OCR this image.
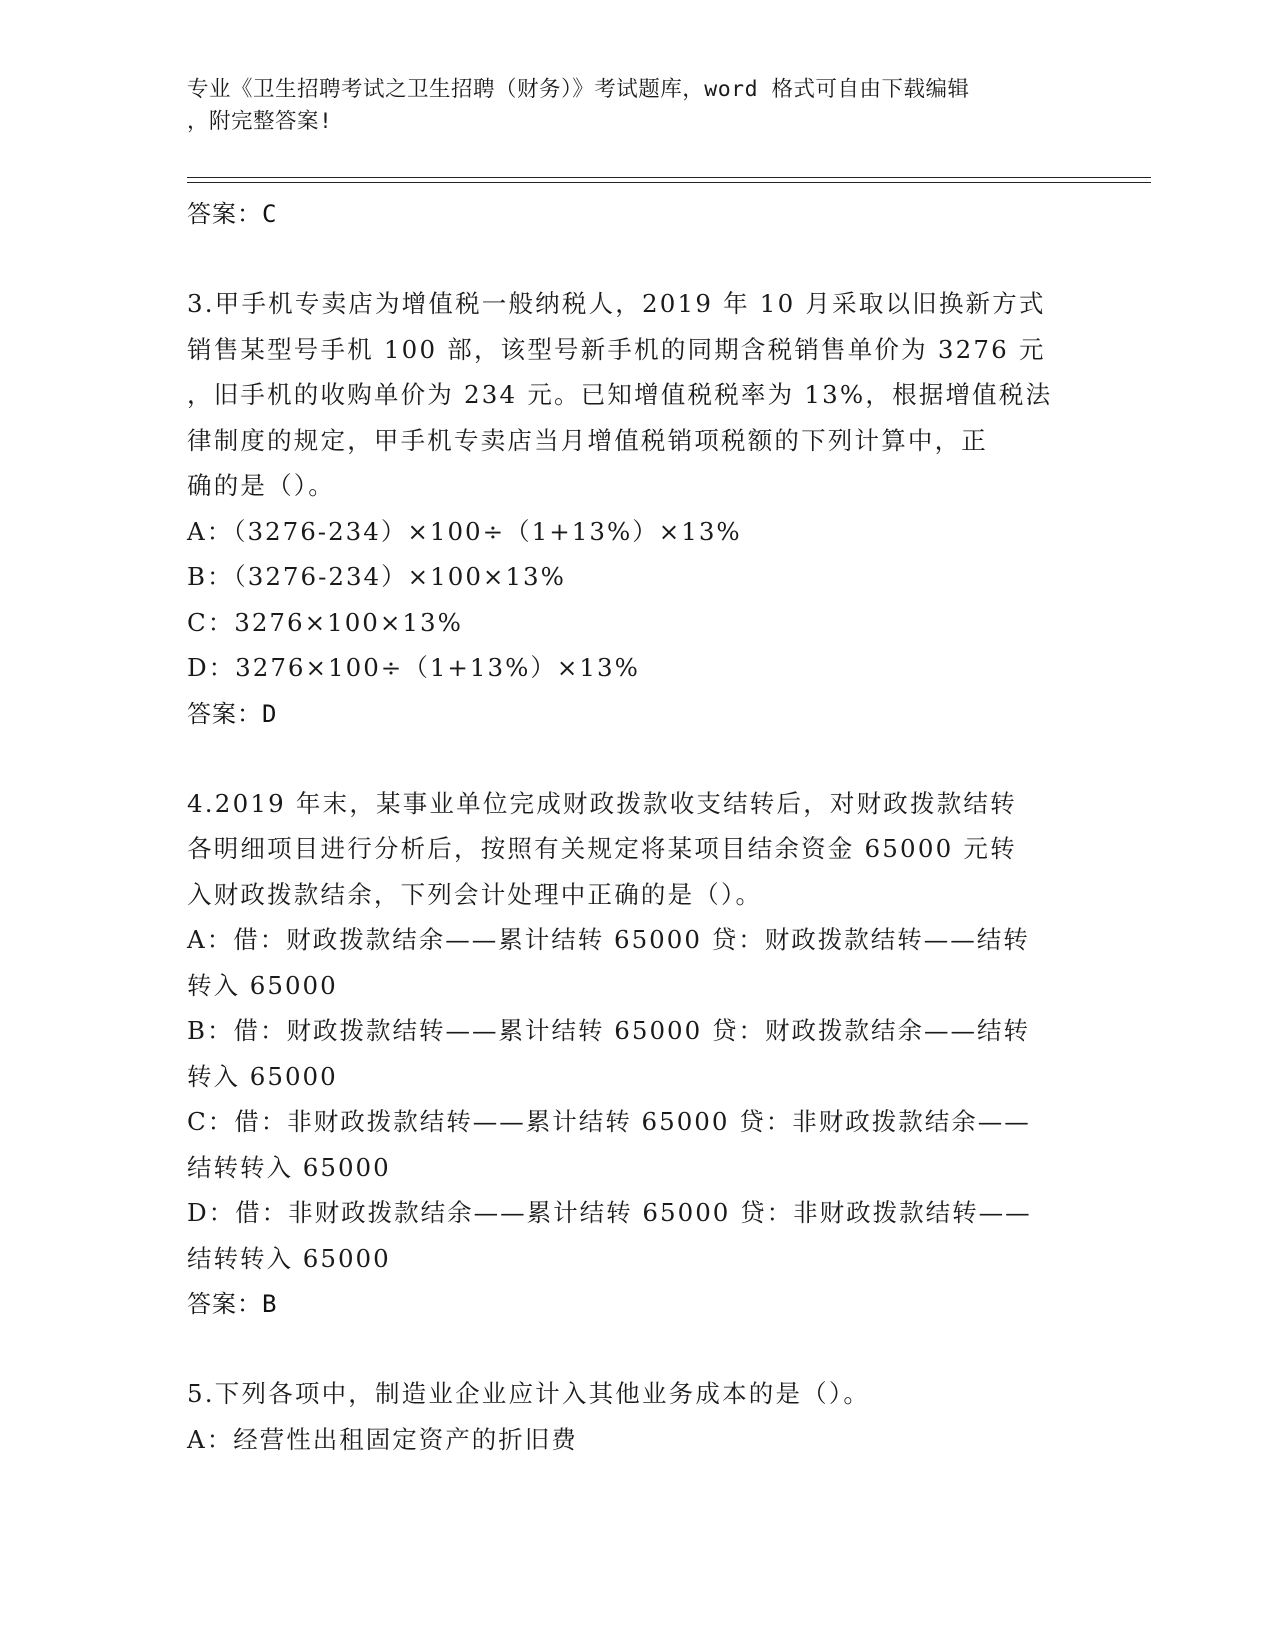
专业《卫生招聘考试之卫生招聘（财务）》考试题库，word 格式可自由下载编辑
，附完整答案!
答案：C
3.甲手机专卖店为增值税一般纳税人，2019 年 10 月采取以旧换新方式
销售某型号手机 100 部，该型号新手机的同期含税销售单价为 3276 元
，旧手机的收购单价为 234 元。已知增值税税率为 13%，根据增值税法
律制度的规定，甲手机专卖店当月增值税销项税额的下列计算中，正
确的是（）。
A：（3276-234）×100÷（1+13%）×13%
B：（3276-234）×100×13%
C：3276×100×13%
D：3276×100÷（1+13%）×13%
答案：D
4.2019 年末，某事业单位完成财政拨款收支结转后，对财政拨款结转
各明细项目进行分析后，按照有关规定将某项目结余资金 65000 元转
入财政拨款结余，下列会计处理中正确的是（）。
A：借：财政拨款结余——累计结转 65000 贷：财政拨款结转——结转
转入 65000
B：借：财政拨款结转——累计结转 65000 贷：财政拨款结余——结转
转入 65000
C：借：非财政拨款结转——累计结转 65000 贷：非财政拨款结余——
结转转入 65000
D：借：非财政拨款结余——累计结转 65000 贷：非财政拨款结转——
结转转入 65000
答案：B
5.下列各项中，制造业企业应计入其他业务成本的是（）。
A：经营性出租固定资产的折旧费
